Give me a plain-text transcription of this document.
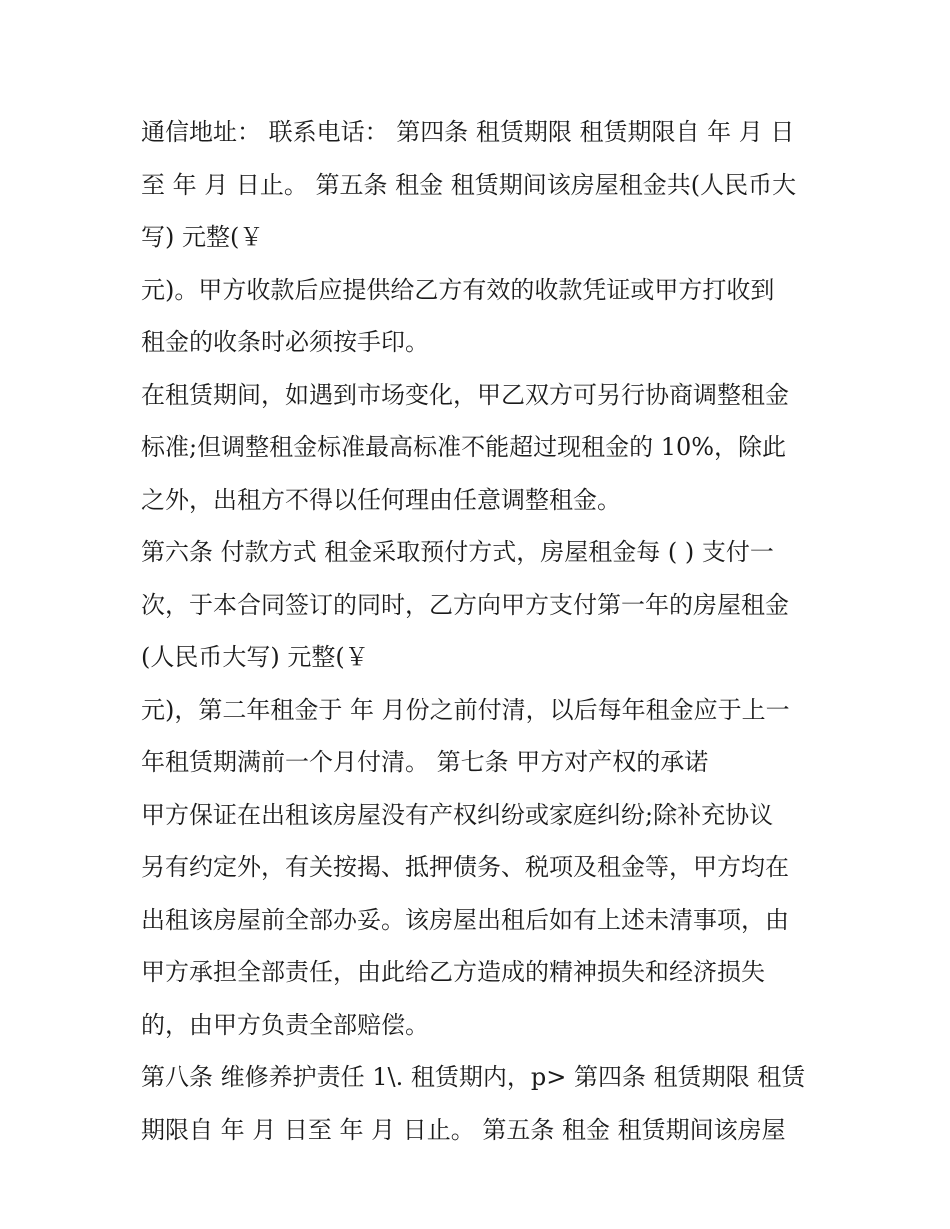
通信地址： 联系电话： 第四条 租赁期限 租赁期限自 年 月 日
至 年 月 日止。 第五条 租金 租赁期间该房屋租金共(人民币大
写) 元整(￥
元)。甲方收款后应提供给乙方有效的收款凭证或甲方打收到
租金的收条时必须按手印。
在租赁期间，如遇到市场变化，甲乙双方可另行协商调整租金
标准;但调整租金标准最高标准不能超过现租金的 10%，除此
之外，出租方不得以任何理由任意调整租金。
第六条 付款方式 租金采取预付方式，房屋租金每 ( ) 支付一
次，于本合同签订的同时，乙方向甲方支付第一年的房屋租金
(人民币大写) 元整(￥
元)，第二年租金于 年 月份之前付清，以后每年租金应于上一
年租赁期满前一个月付清。 第七条 甲方对产权的承诺
甲方保证在出租该房屋没有产权纠纷或家庭纠纷;除补充协议
另有约定外，有关按揭、抵押债务、税项及租金等，甲方均在
出租该房屋前全部办妥。该房屋出租后如有上述未清事项，由
甲方承担全部责任，由此给乙方造成的精神损失和经济损失
的，由甲方负责全部赔偿。
第八条 维修养护责任 1\. 租赁期内，p> 第四条 租赁期限 租赁
期限自 年 月 日至 年 月 日止。 第五条 租金 租赁期间该房屋
